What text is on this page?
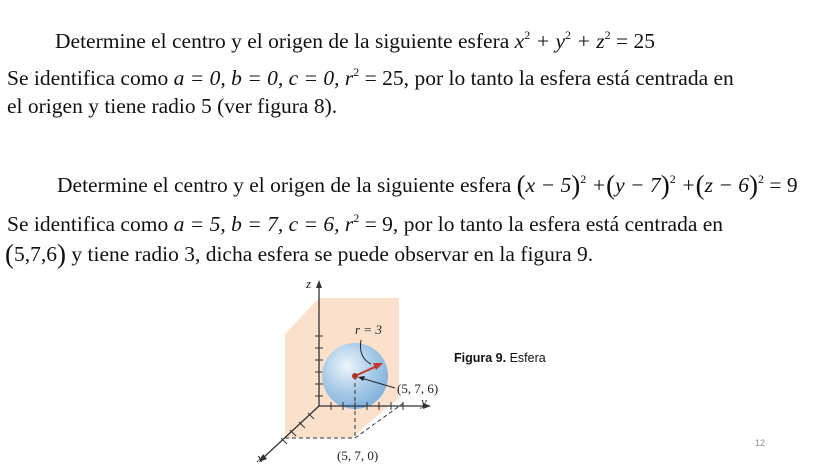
Determine el centro y el origen de la siguiente esfera $x^2 + y^2 + z^2 = 25$
Se identifica como a = 0, b = 0, c = 0, $r^2 = 25$, por lo tanto la esfera está centrada en
el origen y tiene radio 5 (ver figura 8).
Determine el centro y el origen de la siguiente esfera $(x - 5)^2 +(y - 7)^2 +(z - 6)^2 = 9$
Se identifica como a = 5, b = 7, c = 6, $r^2 = 9$, por lo tanto la esfera está centrada en
(5,7,6) y tiene radio 3, dicha esfera se puede observar en la figura 9.
z
y
x
r = 3
(5, 7, 6)
(5, 7, 0)
Figura 9. Esfera
12
